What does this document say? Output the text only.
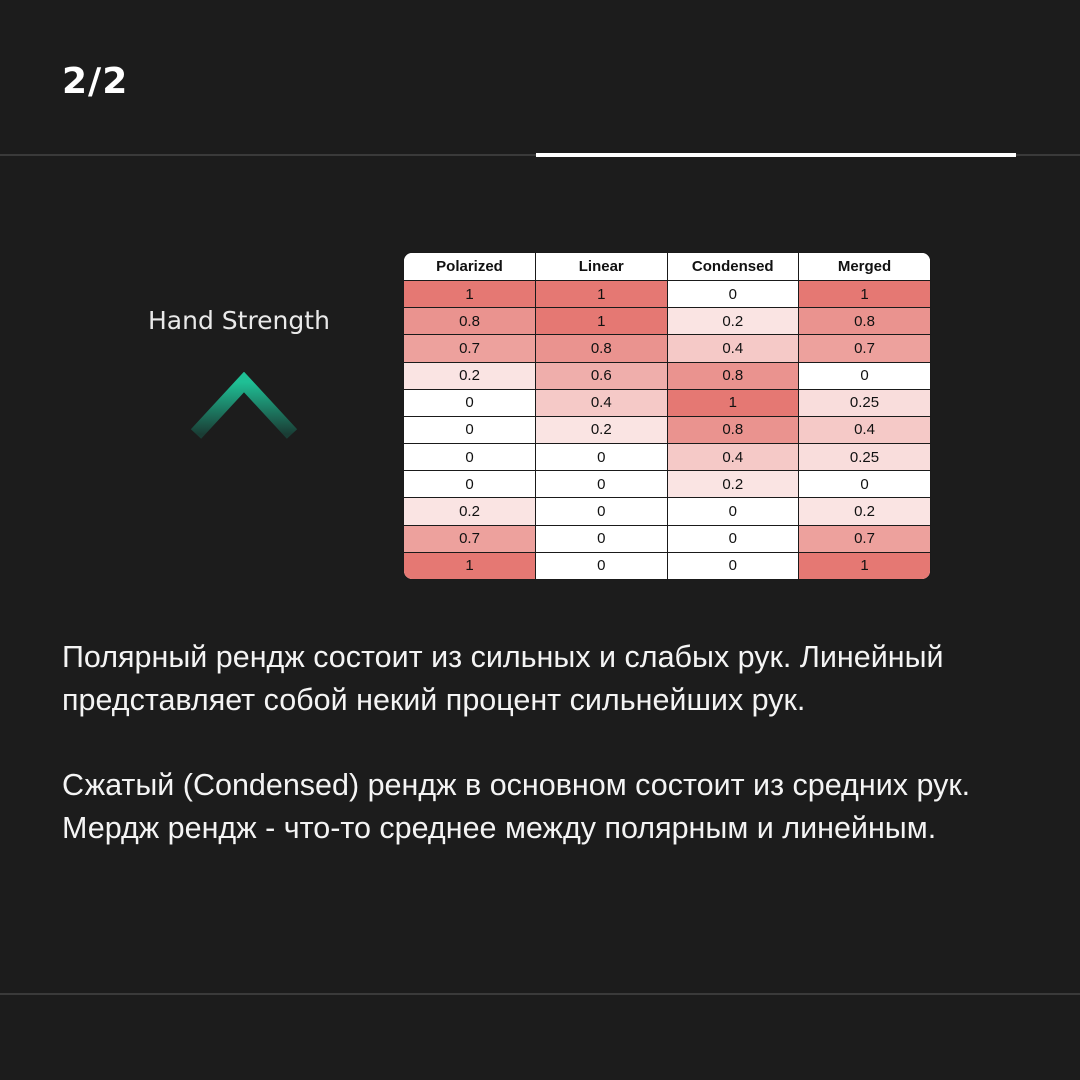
2/2
Hand Strength
Polarized	Linear	Condensed	Merged
1	1	0	1
0.8	1	0.2	0.8
0.7	0.8	0.4	0.7
0.2	0.6	0.8	0
0	0.4	1	0.25
0	0.2	0.8	0.4
0	0	0.4	0.25
0	0	0.2	0
0.2	0	0	0.2
0.7	0	0	0.7
1	0	0	1

Полярный рендж состоит из сильных и слабых рук. Линейный представляет собой некий процент сильнейших рук.

Сжатый (Condensed) рендж в основном состоит из средних рук. Мердж рендж - что-то среднее между полярным и линейным.
